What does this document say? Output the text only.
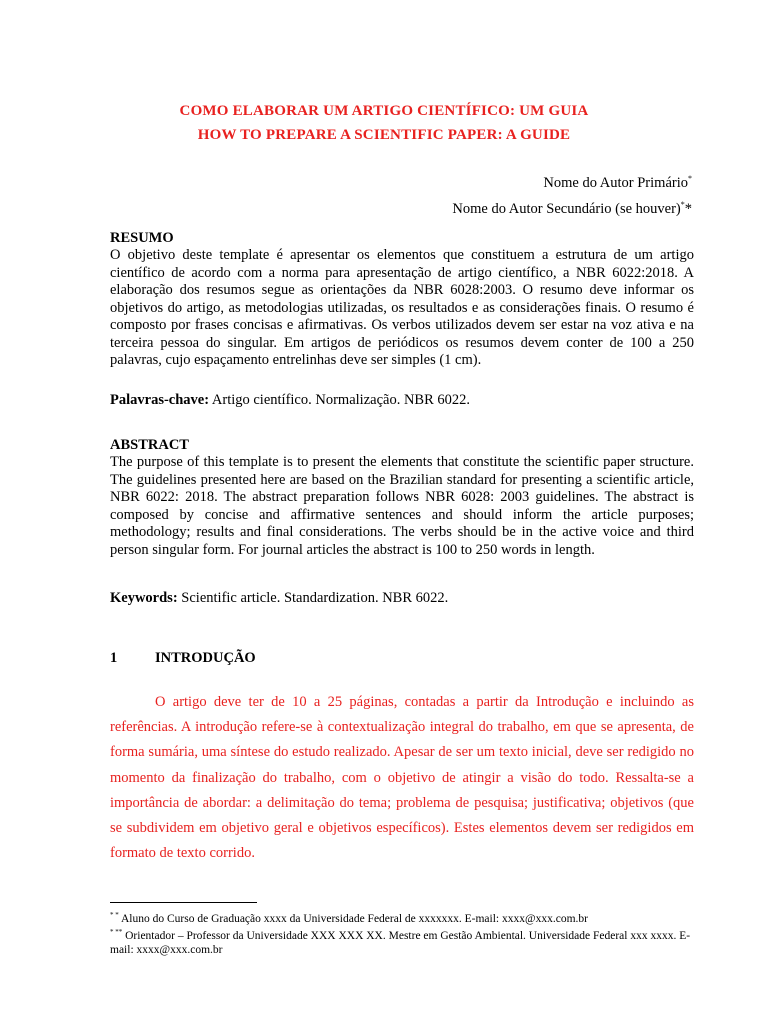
COMO ELABORAR UM ARTIGO CIENTÍFICO: UM GUIA
HOW TO PREPARE A SCIENTIFIC PAPER: A GUIDE
Nome do Autor Primário*
Nome do Autor Secundário (se houver)**
RESUMO
O objetivo deste template é apresentar os elementos que constituem a estrutura de um artigo científico de acordo com a norma para apresentação de artigo científico, a NBR 6022:2018. A elaboração dos resumos segue as orientações da NBR 6028:2003. O resumo deve informar os objetivos do artigo, as metodologias utilizadas, os resultados e as considerações finais. O resumo é composto por frases concisas e afirmativas. Os verbos utilizados devem ser estar na voz ativa e na terceira pessoa do singular. Em artigos de periódicos os resumos devem conter de 100 a 250 palavras, cujo espaçamento entrelinhas deve ser simples (1 cm).
Palavras-chave: Artigo científico. Normalização. NBR 6022.
ABSTRACT
The purpose of this template is to present the elements that constitute the scientific paper structure. The guidelines presented here are based on the Brazilian standard for presenting a scientific article, NBR 6022: 2018. The abstract preparation follows NBR 6028: 2003 guidelines. The abstract is composed by concise and affirmative sentences and should inform the article purposes; methodology; results and final considerations. The verbs should be in the active voice and third person singular form. For journal articles the abstract is 100 to 250 words in length.
Keywords: Scientific article. Standardization. NBR 6022.
1	INTRODUÇÃO
O artigo deve ter de 10 a 25 páginas, contadas a partir da Introdução e incluindo as referências. A introdução refere-se à contextualização integral do trabalho, em que se apresenta, de forma sumária, uma síntese do estudo realizado. Apesar de ser um texto inicial, deve ser redigido no momento da finalização do trabalho, com o objetivo de atingir a visão do todo. Ressalta-se a importância de abordar: a delimitação do tema; problema de pesquisa; justificativa; objetivos (que se subdividem em objetivo geral e objetivos específicos). Estes elementos devem ser redigidos em formato de texto corrido.
* * Aluno do Curso de Graduação xxxx da Universidade Federal de xxxxxxx. E-mail: xxxx@xxx.com.br
* ** Orientador – Professor da Universidade XXX XXX XX. Mestre em Gestão Ambiental. Universidade Federal xxx xxxx. E-mail: xxxx@xxx.com.br
